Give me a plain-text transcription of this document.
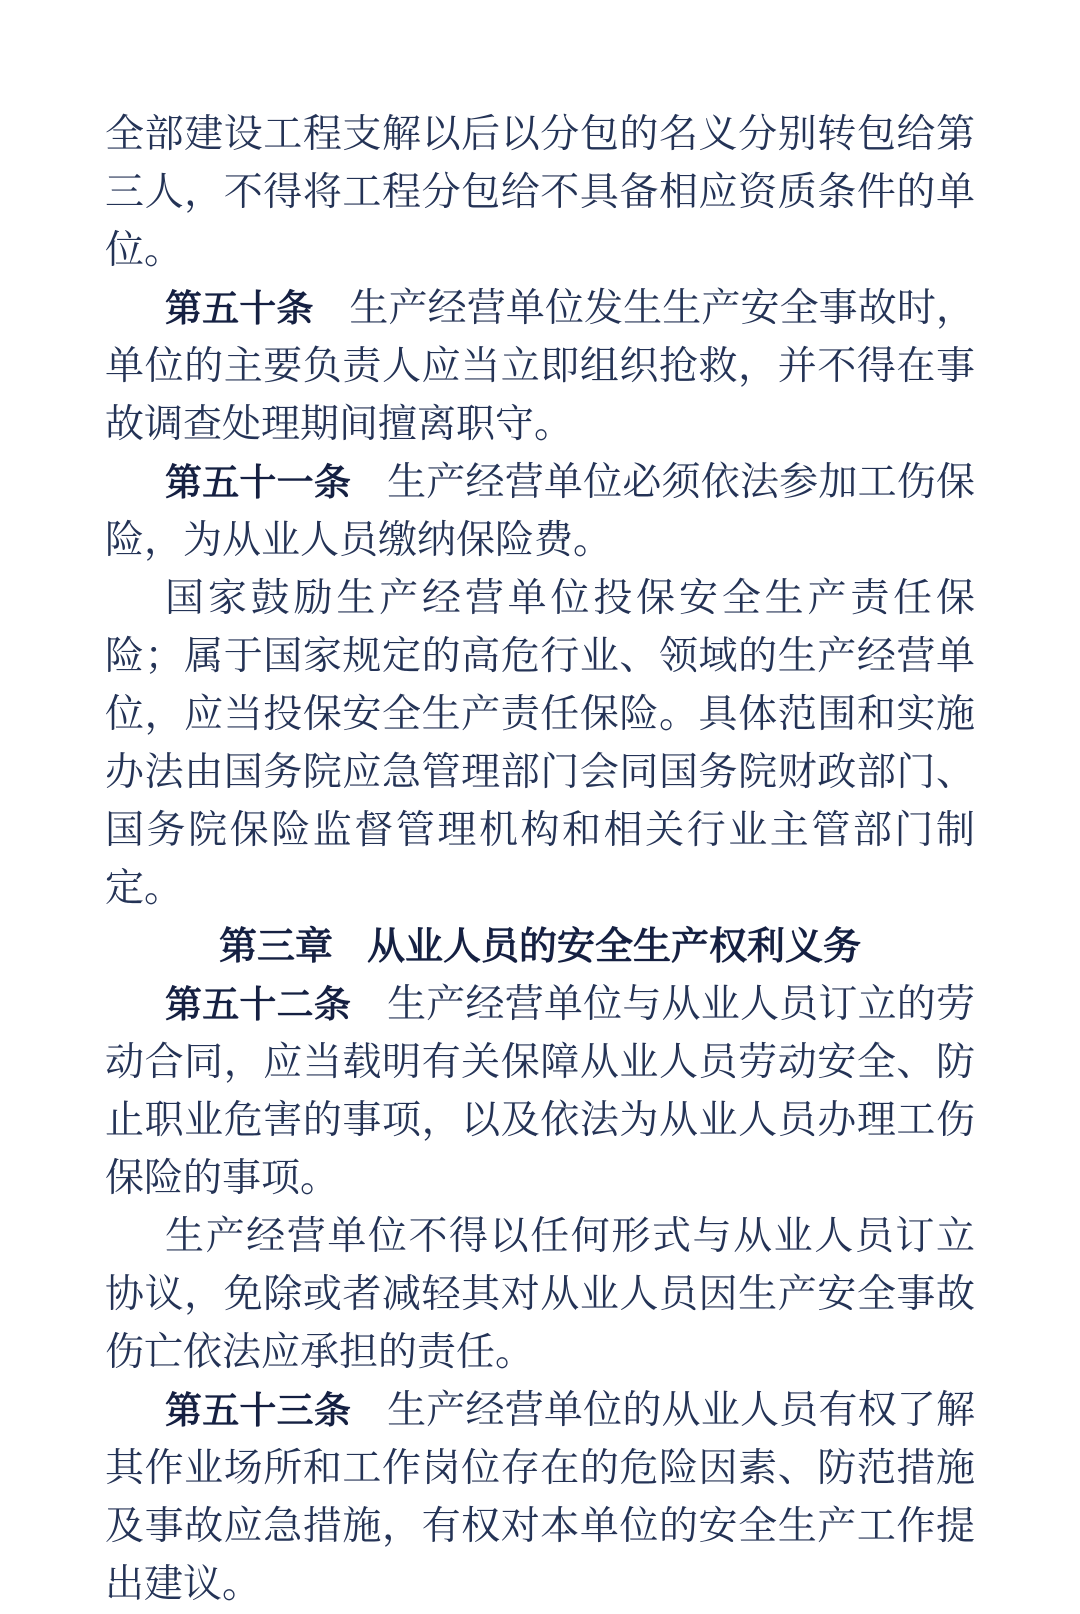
全部建设工程支解以后以分包的名义分别转包给第三人，不得将工程分包给不具备相应资质条件的单位。

第五十条 生产经营单位发生生产安全事故时，单位的主要负责人应当立即组织抢救，并不得在事故调查处理期间擅离职守。

第五十一条 生产经营单位必须依法参加工伤保险，为从业人员缴纳保险费。

国家鼓励生产经营单位投保安全生产责任保险；属于国家规定的高危行业、领域的生产经营单位，应当投保安全生产责任保险。具体范围和实施办法由国务院应急管理部门会同国务院财政部门、国务院保险监督管理机构和相关行业主管部门制定。

第三章 从业人员的安全生产权利义务

第五十二条 生产经营单位与从业人员订立的劳动合同，应当载明有关保障从业人员劳动安全、防止职业危害的事项，以及依法为从业人员办理工伤保险的事项。

生产经营单位不得以任何形式与从业人员订立协议，免除或者减轻其对从业人员因生产安全事故伤亡依法应承担的责任。

第五十三条 生产经营单位的从业人员有权了解其作业场所和工作岗位存在的危险因素、防范措施及事故应急措施，有权对本单位的安全生产工作提出建议。
